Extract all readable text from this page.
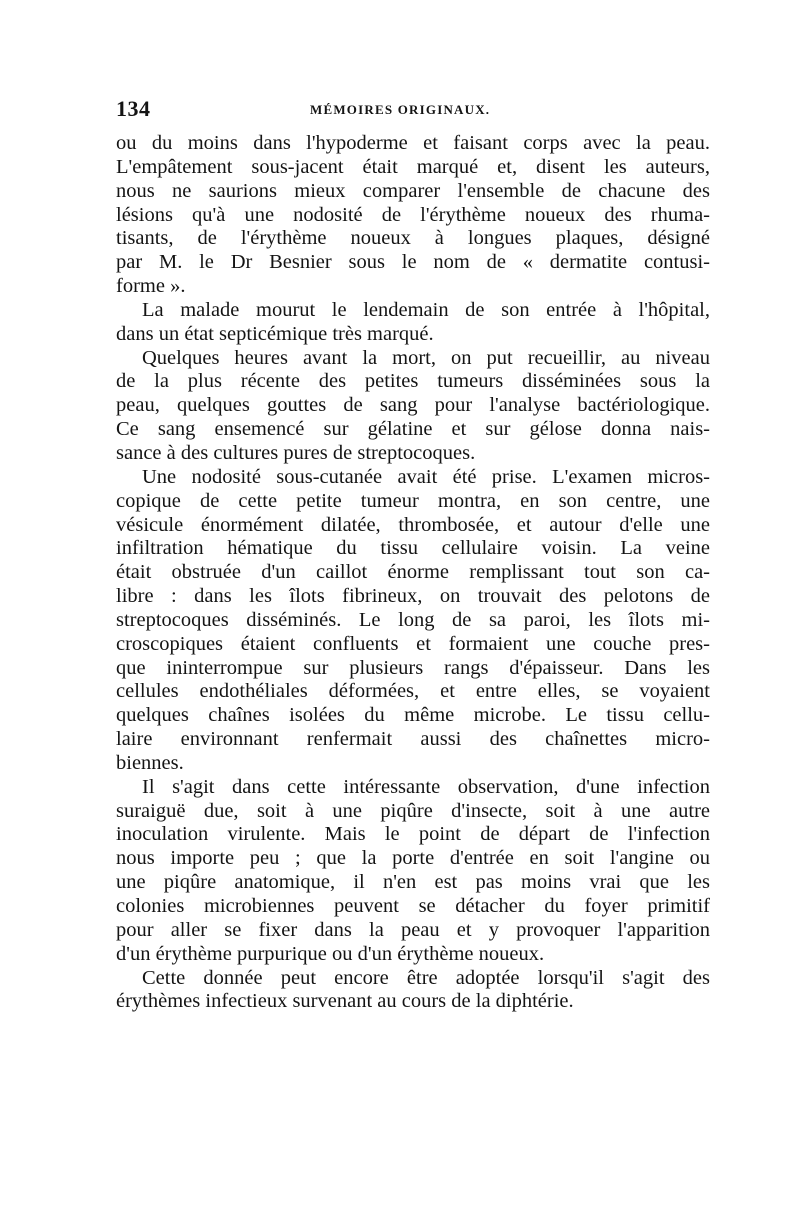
134	MÉMOIRES ORIGINAUX.
ou du moins dans l'hypoderme et faisant corps avec la peau.
L'empâtement sous-jacent était marqué et, disent les auteurs,
nous ne saurions mieux comparer l'ensemble de chacune des
lésions qu'à une nodosité de l'érythème noueux des rhuma-
tisants, de l'érythème noueux à longues plaques, désigné
par M. le Dr Besnier sous le nom de « dermatite contusi-
forme ».
La malade mourut le lendemain de son entrée à l'hôpital,
dans un état septicémique très marqué.
Quelques heures avant la mort, on put recueillir, au niveau
de la plus récente des petites tumeurs disséminées sous la
peau, quelques gouttes de sang pour l'analyse bactériologique.
Ce sang ensemencé sur gélatine et sur gélose donna nais-
sance à des cultures pures de streptocoques.
Une nodosité sous-cutanée avait été prise. L'examen micros-
copique de cette petite tumeur montra, en son centre, une
vésicule énormément dilatée, thrombosée, et autour d'elle une
infiltration hématique du tissu cellulaire voisin. La veine
était obstruée d'un caillot énorme remplissant tout son ca-
libre : dans les îlots fibrineux, on trouvait des pelotons de
streptocoques disséminés. Le long de sa paroi, les îlots mi-
croscopiques étaient confluents et formaient une couche pres-
que ininterrompue sur plusieurs rangs d'épaisseur. Dans les
cellules endothéliales déformées, et entre elles, se voyaient
quelques chaînes isolées du même microbe. Le tissu cellu-
laire environnant renfermait aussi des chaînettes micro-
biennes.
Il s'agit dans cette intéressante observation, d'une infection
suraiguë due, soit à une piqûre d'insecte, soit à une autre
inoculation virulente. Mais le point de départ de l'infection
nous importe peu ; que la porte d'entrée en soit l'angine ou
une piqûre anatomique, il n'en est pas moins vrai que les
colonies microbiennes peuvent se détacher du foyer primitif
pour aller se fixer dans la peau et y provoquer l'apparition
d'un érythème purpurique ou d'un érythème noueux.
Cette donnée peut encore être adoptée lorsqu'il s'agit des
érythèmes infectieux survenant au cours de la diphtérie.
